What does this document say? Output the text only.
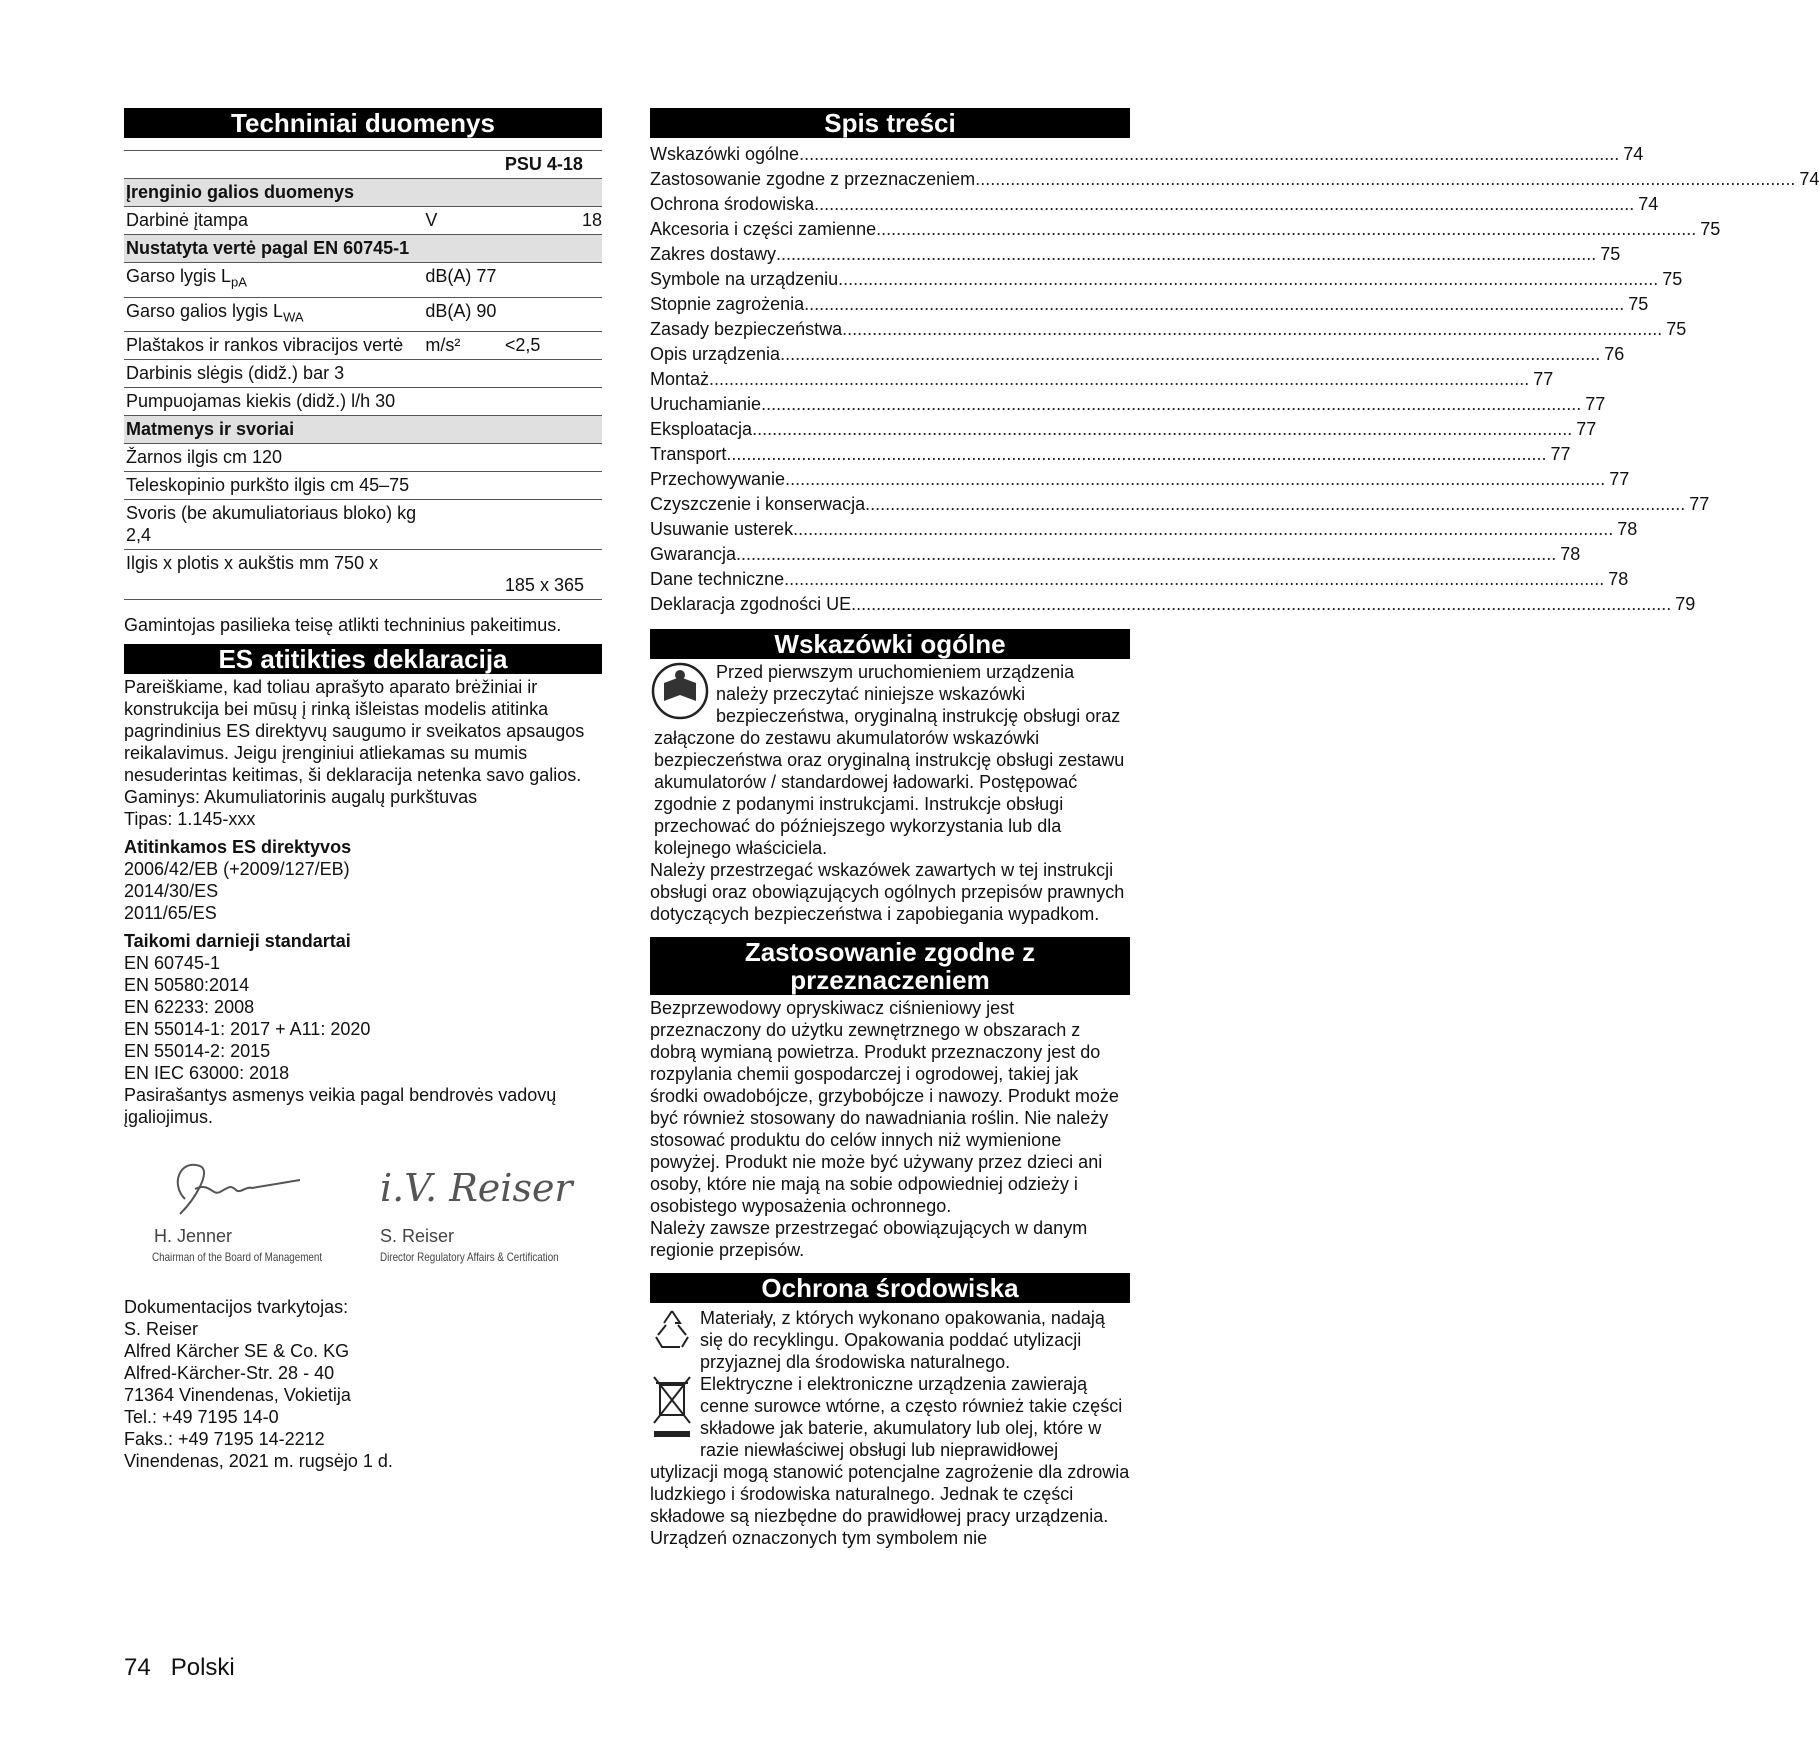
Techniniai duomenys
		PSU 4-18
Įrenginio galios duomenys		
Darbinė įtampa	V	18
Nustatyta vertė pagal EN 60745-1		
Garso lygis $L_{pA}$	dB(A) 77	
Garso galios lygis $L_{WA}$	dB(A) 90	
Plaštakos ir rankos vibracijos vertė	m/s²	<2,5
Darbinis slėgis (didž.) bar 3		
Pumpuojamas kiekis (didž.) l/h 30		
Matmenys ir svoriai		
Žarnos ilgis cm 120		
Teleskopinio purkšto ilgis cm 45–75		
Svoris (be akumuliatoriaus bloko) kg 2,4		
Ilgis x plotis x aukštis mm 750 x		185 x 365
Gamintojas pasilieka teisę atlikti techninius pakeitimus.
ES atitikties deklaracija
Pareiškiame, kad toliau aprašyto aparato brėžiniai ir konstrukcija bei mūsų į rinką išleistas modelis atitinka pagrindinius ES direktyvų saugumo ir sveikatos apsaugos reikalavimus. Jeigu įrenginiui atliekamas su mumis nesuderintas keitimas, ši deklaracija netenka savo galios.
Gaminys: Akumuliatorinis augalų purkštuvas
Tipas: 1.145-xxx
Atitinkamos ES direktyvos
2006/42/EB (+2009/127/EB)
2014/30/ES
2011/65/ES
Taikomi darnieji standartai
EN 60745-1
EN 50580:2014
EN 62233: 2008
EN 55014-1: 2017 + A11: 2020
EN 55014-2: 2015
EN IEC 63000: 2018
Pasirašantys asmenys veikia pagal bendrovės vadovų įgaliojimus.
i.V. Reiser
H. Jenner
Chairman of the Board of Management
S. Reiser
Director Regulatory Affairs & Certification
Dokumentacijos tvarkytojas:
S. Reiser
Alfred Kärcher SE & Co. KG
Alfred-Kärcher-Str. 28 - 40
71364 Vinendenas, Vokietija
Tel.: +49 7195 14-0
Faks.: +49 7195 14-2212
Vinendenas, 2021 m. rugsėjo 1 d.
Spis treści
Wskazówki ogólne .....	74
Zastosowanie zgodne z przeznaczeniem .....	74
Ochrona środowiska .....	74
Akcesoria i części zamienne .....	75
Zakres dostawy .....	75
Symbole na urządzeniu .....	75
Stopnie zagrożenia .....	75
Zasady bezpieczeństwa .....	75
Opis urządzenia .....	76
Montaż .....	77
Uruchamianie .....	77
Eksploatacja .....	77
Transport .....	77
Przechowywanie .....	77
Czyszczenie i konserwacja .....	77
Usuwanie usterek .....	78
Gwarancja .....	78
Dane techniczne .....	78
Deklaracja zgodności UE .....	79
Wskazówki ogólne
Przed pierwszym uruchomieniem urządzenia należy przeczytać niniejsze wskazówki bezpieczeństwa, oryginalną instrukcję obsługi oraz załączone do zestawu akumulatorów wskazówki bezpieczeństwa oraz oryginalną instrukcję obsługi zestawu akumulatorów / standardowej ładowarki. Postępować zgodnie z podanymi instrukcjami. Instrukcje obsługi przechować do późniejszego wykorzystania lub dla kolejnego właściciela.
Należy przestrzegać wskazówek zawartych w tej instrukcji obsługi oraz obowiązujących ogólnych przepisów prawnych dotyczących bezpieczeństwa i zapobiegania wypadkom.
Zastosowanie zgodne z przeznaczeniem
Bezprzewodowy opryskiwacz ciśnieniowy jest przeznaczony do użytku zewnętrznego w obszarach z dobrą wymianą powietrza. Produkt przeznaczony jest do rozpylania chemii gospodarczej i ogrodowej, takiej jak środki owadobójcze, grzybobójcze i nawozy. Produkt może być również stosowany do nawadniania roślin. Nie należy stosować produktu do celów innych niż wymienione powyżej. Produkt nie może być używany przez dzieci ani osoby, które nie mają na sobie odpowiedniej odzieży i osobistego wyposażenia ochronnego.
Należy zawsze przestrzegać obowiązujących w danym regionie przepisów.
Ochrona środowiska
Materiały, z których wykonano opakowania, nadają się do recyklingu. Opakowania poddać utylizacji przyjaznej dla środowiska naturalnego.
Elektryczne i elektroniczne urządzenia zawierają cenne surowce wtórne, a często również takie części składowe jak baterie, akumulatory lub olej, które w razie niewłaściwej obsługi lub nieprawidłowej utylizacji mogą stanowić potencjalne zagrożenie dla zdrowia ludzkiego i środowiska naturalnego. Jednak te części składowe są niezbędne do prawidłowej pracy urządzenia. Urządzeń oznaczonych tym symbolem nie
74 Polski
